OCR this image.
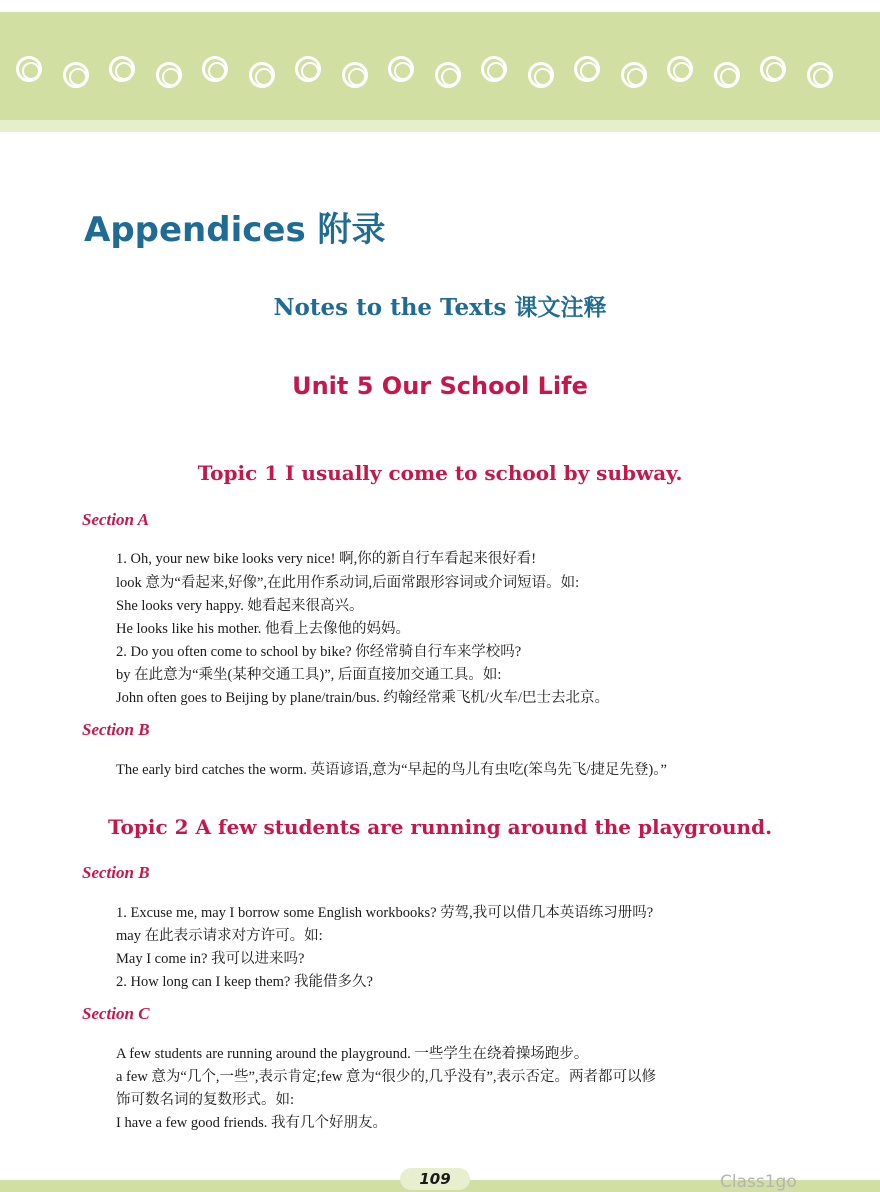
Appendices 附录
Notes to the Texts 课文注释
Unit 5 Our School Life
Topic 1 I usually come to school by subway.
Section A
1. Oh, your new bike looks very nice! 啊,你的新自行车看起来很好看!
look 意为“看起来,好像”,在此用作系动词,后面常跟形容词或介词短语。如:
She looks very happy. 她看起来很高兴。
He looks like his mother. 他看上去像他的妈妈。
2. Do you often come to school by bike? 你经常骑自行车来学校吗?
by 在此意为“乘坐(某种交通工具)”, 后面直接加交通工具。如:
John often goes to Beijing by plane/train/bus. 约翰经常乘飞机/火车/巴士去北京。
Section B
The early bird catches the worm. 英语谚语,意为“早起的鸟儿有虫吃(笨鸟先飞/捷足先登)。”
Topic 2 A few students are running around the playground.
Section B
1. Excuse me, may I borrow some English workbooks? 劳驾,我可以借几本英语练习册吗?
may 在此表示请求对方许可。如:
May I come in? 我可以进来吗?
2. How long can I keep them? 我能借多久?
Section C
A few students are running around the playground. 一些学生在绕着操场跑步。
a few 意为“几个,一些”,表示肯定;few 意为“很少的,几乎没有”,表示否定。两者都可以修
饰可数名词的复数形式。如:
I have a few good friends. 我有几个好朋友。
109	Class1go
